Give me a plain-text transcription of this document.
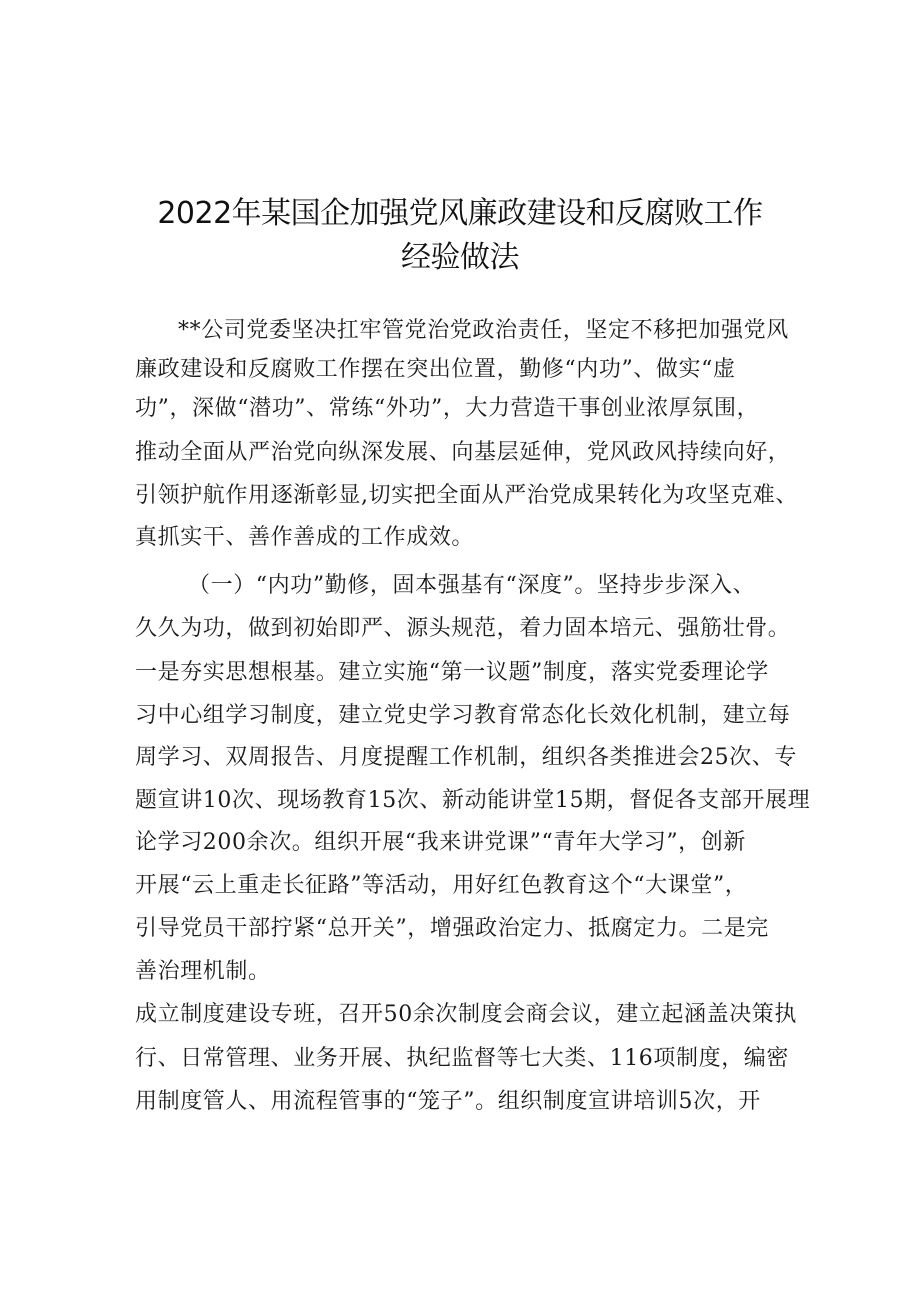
2022年某国企加强党风廉政建设和反腐败工作
经验做法
**公司党委坚决扛牢管党治党政治责任，坚定不移把加强党风
廉政建设和反腐败工作摆在突出位置，勤修“内功”、做实“虚
功”，深做“潜功”、常练“外功”，大力营造干事创业浓厚氛围，
推动全面从严治党向纵深发展、向基层延伸，党风政风持续向好，
引领护航作用逐渐彰显,切实把全面从严治党成果转化为攻坚克难、
真抓实干、善作善成的工作成效。
（一）“内功”勤修，固本强基有“深度”。坚持步步深入、
久久为功，做到初始即严、源头规范，着力固本培元、强筋壮骨。
一是夯实思想根基。建立实施“第一议题”制度，落实党委理论学
习中心组学习制度，建立党史学习教育常态化长效化机制，建立每
周学习、双周报告、月度提醒工作机制，组织各类推进会25次、专
题宣讲10次、现场教育15次、新动能讲堂15期，督促各支部开展理
论学习200余次。组织开展“我来讲党课”“青年大学习”，创新
开展“云上重走长征路”等活动，用好红色教育这个“大课堂”，
引导党员干部拧紧“总开关”，增强政治定力、抵腐定力。二是完
善治理机制。
成立制度建设专班，召开50余次制度会商会议，建立起涵盖决策执
行、日常管理、业务开展、执纪监督等七大类、116项制度，编密
用制度管人、用流程管事的“笼子”。组织制度宣讲培训5次，开
